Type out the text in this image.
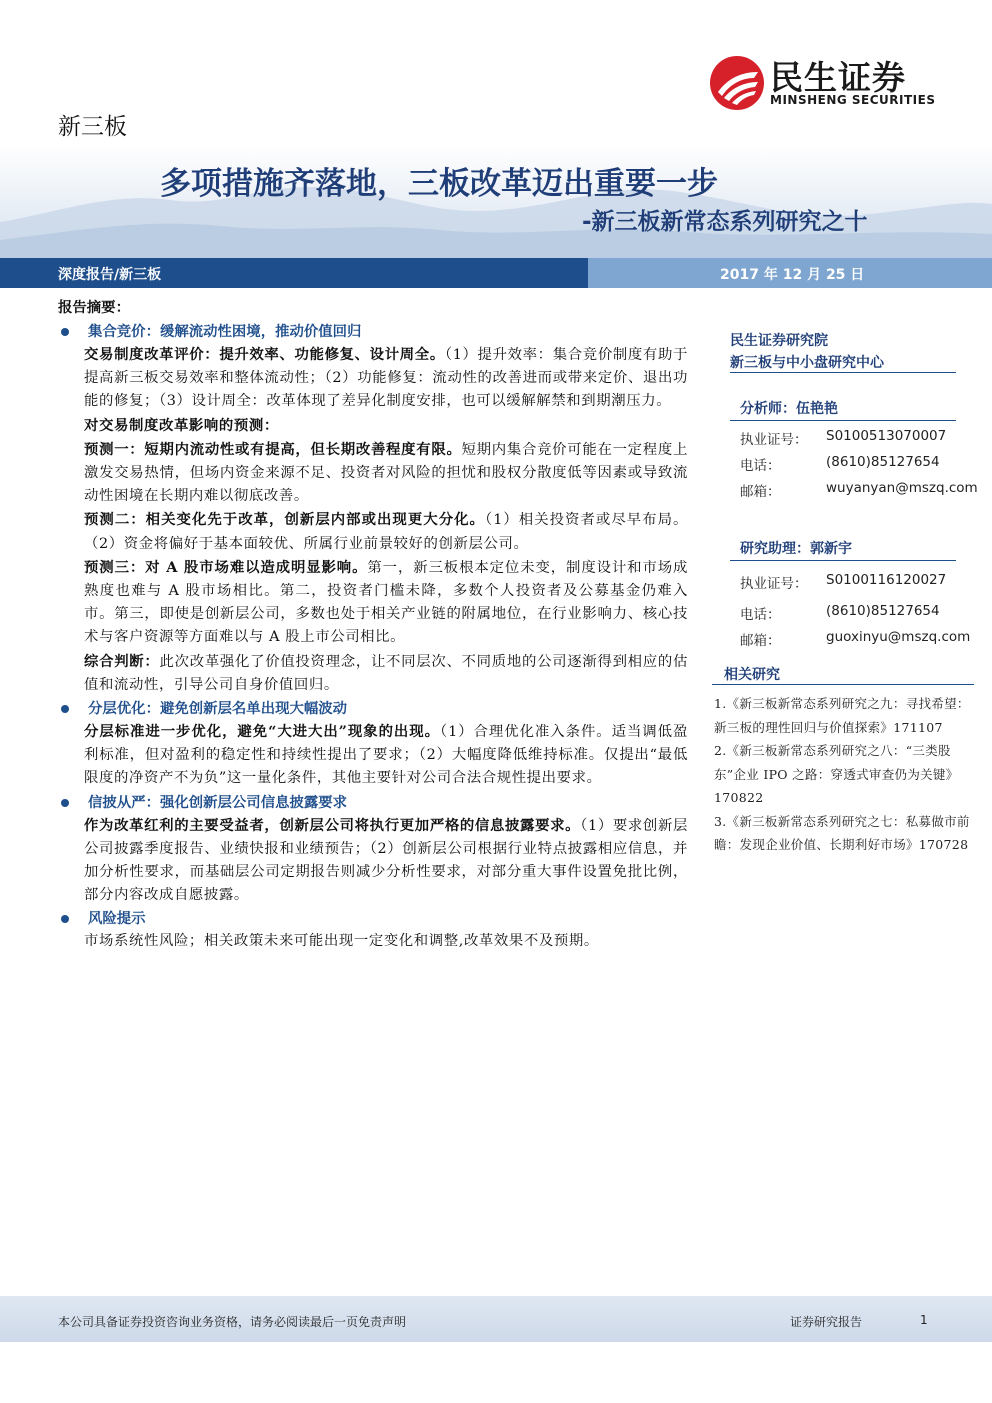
民生证券
MINSHENG SECURITIES
新三板
多项措施齐落地，三板改革迈出重要一步
-新三板新常态系列研究之十
深度报告/新三板	2017 年 12 月 25 日
报告摘要：
集合竞价：缓解流动性困境，推动价值回归
交易制度改革评价：提升效率、功能修复、设计周全。（1）提升效率：集合竞价制度有助于提高新三板交易效率和整体流动性；（2）功能修复：流动性的改善进而或带来定价、退出功能的修复；（3）设计周全：改革体现了差异化制度安排，也可以缓解解禁和到期潮压力。
对交易制度改革影响的预测：
预测一：短期内流动性或有提高，但长期改善程度有限。短期内集合竞价可能在一定程度上激发交易热情，但场内资金来源不足、投资者对风险的担忧和股权分散度低等因素或导致流动性困境在长期内难以彻底改善。
预测二：相关变化先于改革，创新层内部或出现更大分化。（1）相关投资者或尽早布局。（2）资金将偏好于基本面较优、所属行业前景较好的创新层公司。
预测三：对 A 股市场难以造成明显影响。第一，新三板根本定位未变，制度设计和市场成熟度也难与 A 股市场相比。第二，投资者门槛未降，多数个人投资者及公募基金仍难入市。第三，即使是创新层公司，多数也处于相关产业链的附属地位，在行业影响力、核心技术与客户资源等方面难以与 A 股上市公司相比。
综合判断：此次改革强化了价值投资理念，让不同层次、不同质地的公司逐渐得到相应的估值和流动性，引导公司自身价值回归。
分层优化：避免创新层名单出现大幅波动
分层标准进一步优化，避免“大进大出”现象的出现。（1）合理优化准入条件。适当调低盈利标准，但对盈利的稳定性和持续性提出了要求；（2）大幅度降低维持标准。仅提出“最低限度的净资产不为负”这一量化条件，其他主要针对公司合法合规性提出要求。
信披从严：强化创新层公司信息披露要求
作为改革红利的主要受益者，创新层公司将执行更加严格的信息披露要求。（1）要求创新层公司披露季度报告、业绩快报和业绩预告；（2）创新层公司根据行业特点披露相应信息，并加分析性要求，而基础层公司定期报告则减少分析性要求，对部分重大事件设置免批比例，部分内容改成自愿披露。
风险提示
市场系统性风险；相关政策未来可能出现一定变化和调整,改革效果不及预期。
民生证券研究院
新三板与中小盘研究中心
分析师：伍艳艳
执业证号： S0100513070007
电话：	(8610)85127654
邮箱：	wuyanyan@mszq.com
研究助理：郭新宇
执业证号： S0100116120027
电话：	(8610)85127654
邮箱：	guoxinyu@mszq.com
相关研究
1.《新三板新常态系列研究之九：寻找希望：新三板的理性回归与价值探索》171107
2.《新三板新常态系列研究之八：“三类股东”企业 IPO 之路：穿透式审查仍为关键》170822
3.《新三板新常态系列研究之七：私募做市前瞻：发现企业价值、长期利好市场》170728
本公司具备证券投资咨询业务资格，请务必阅读最后一页免责声明	证券研究报告	1
